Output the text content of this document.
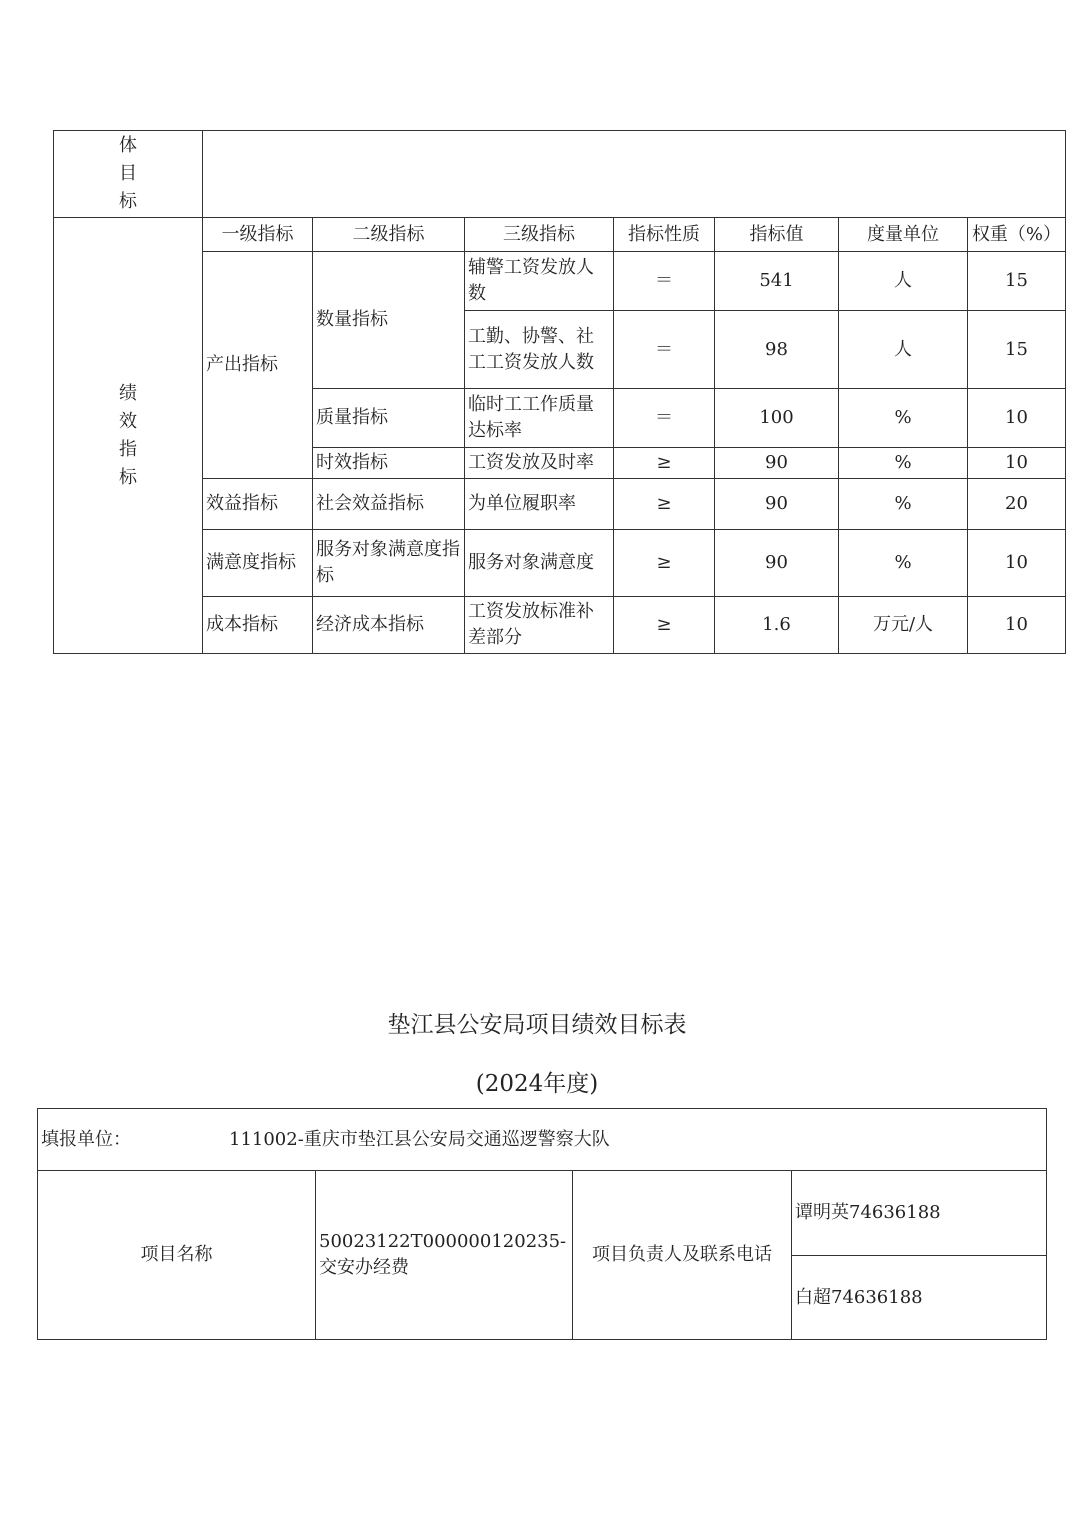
体
目
标							

绩
效
指
标	一级指标	二级指标	三级指标	指标性质	指标值	度量单位	权重（%）
	产出指标	数量指标	辅警工资发放人数	＝	541	人	15
			工勤、协警、社工工资发放人数	＝	98	人	15
		质量指标	临时工工作质量达标率	＝	100	%	10
		时效指标	工资发放及时率	≥	90	%	10
	效益指标	社会效益指标	为单位履职率	≥	90	%	20
	满意度指标	服务对象满意度指标	服务对象满意度	≥	90	%	10
	成本指标	经济成本指标	工资发放标准补差部分	≥	1.6	万元/人	10
垫江县公安局项目绩效目标表
(2024年度)
填报单位：	111002-重庆市垫江县公安局交通巡逻警察大队
项目名称	50023122T000000120235-交安办经费	项目负责人及联系电话	谭明英74636188
白超74636188
